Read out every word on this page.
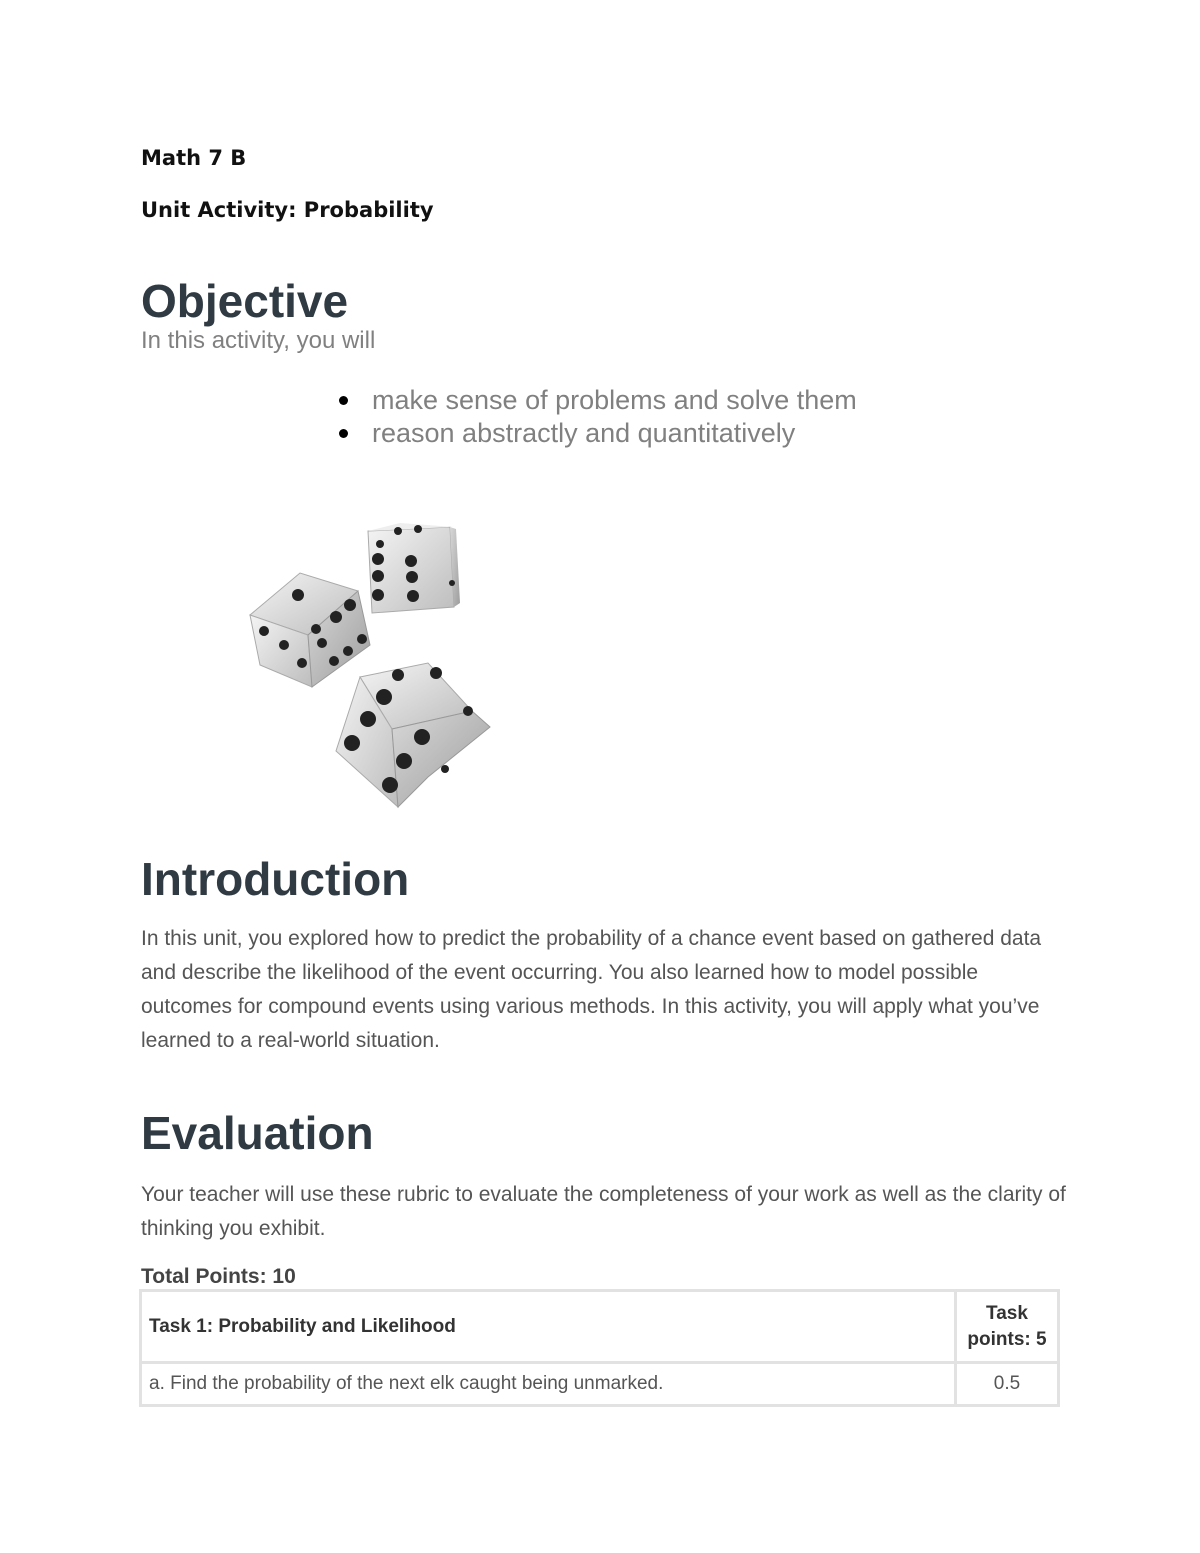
Math 7 B

Unit Activity: Probability

Objective

In this activity, you will

make sense of problems and solve them
reason abstractly and quantitatively
Introduction

In this unit, you explored how to predict the probability of a chance event based on gathered data and describe the likelihood of the event occurring. You also learned how to model possible outcomes for compound events using various methods. In this activity, you will apply what you’ve learned to a real-world situation.

Evaluation

Your teacher will use these rubric to evaluate the completeness of your work as well as the clarity of thinking you exhibit.

Total Points: 10

Task 1: Probability and Likelihood	Task points: 5
a. Find the probability of the next elk caught being unmarked.	0.5
